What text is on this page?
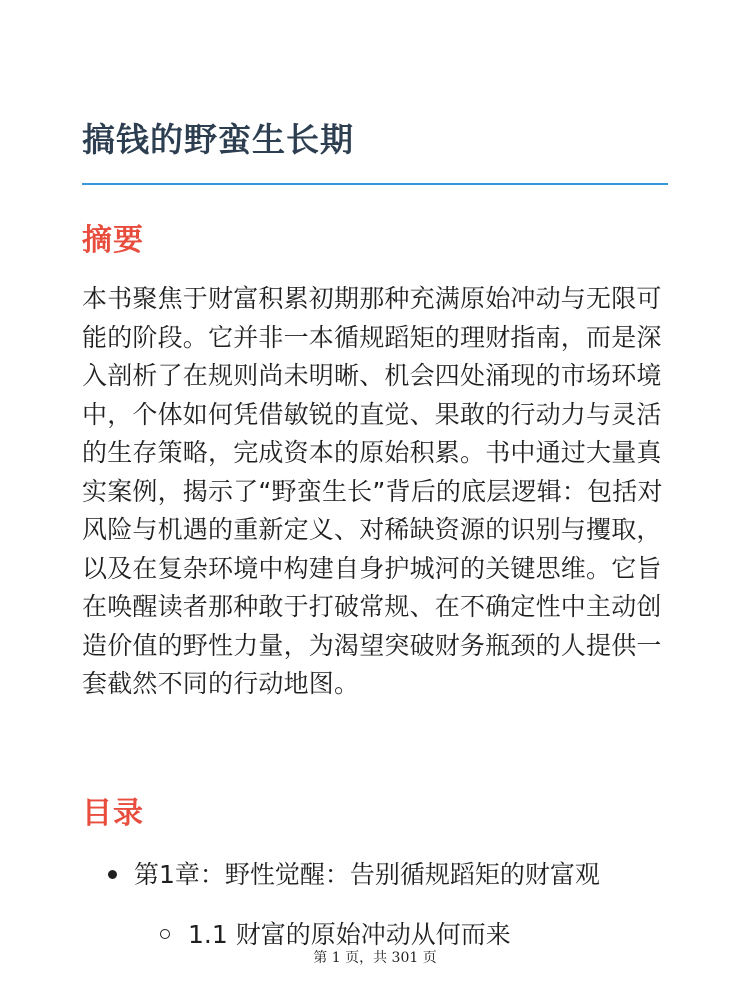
搞钱的野蛮生长期
摘要

本书聚焦于财富积累初期那种充满原始冲动与无限可能的阶段。它并非一本循规蹈矩的理财指南，而是深入剖析了在规则尚未明晰、机会四处涌现的市场环境中，个体如何凭借敏锐的直觉、果敢的行动力与灵活的生存策略，完成资本的原始积累。书中通过大量真实案例，揭示了“野蛮生长”背后的底层逻辑：包括对风险与机遇的重新定义、对稀缺资源的识别与攫取，以及在复杂环境中构建自身护城河的关键思维。它旨在唤醒读者那种敢于打破常规、在不确定性中主动创造价值的野性力量，为渴望突破财务瓶颈的人提供一套截然不同的行动地图。

目录
第1章：野性觉醒：告别循规蹈矩的财富观
1.1 财富的原始冲动从何而来
第 1 页，共 301 页
